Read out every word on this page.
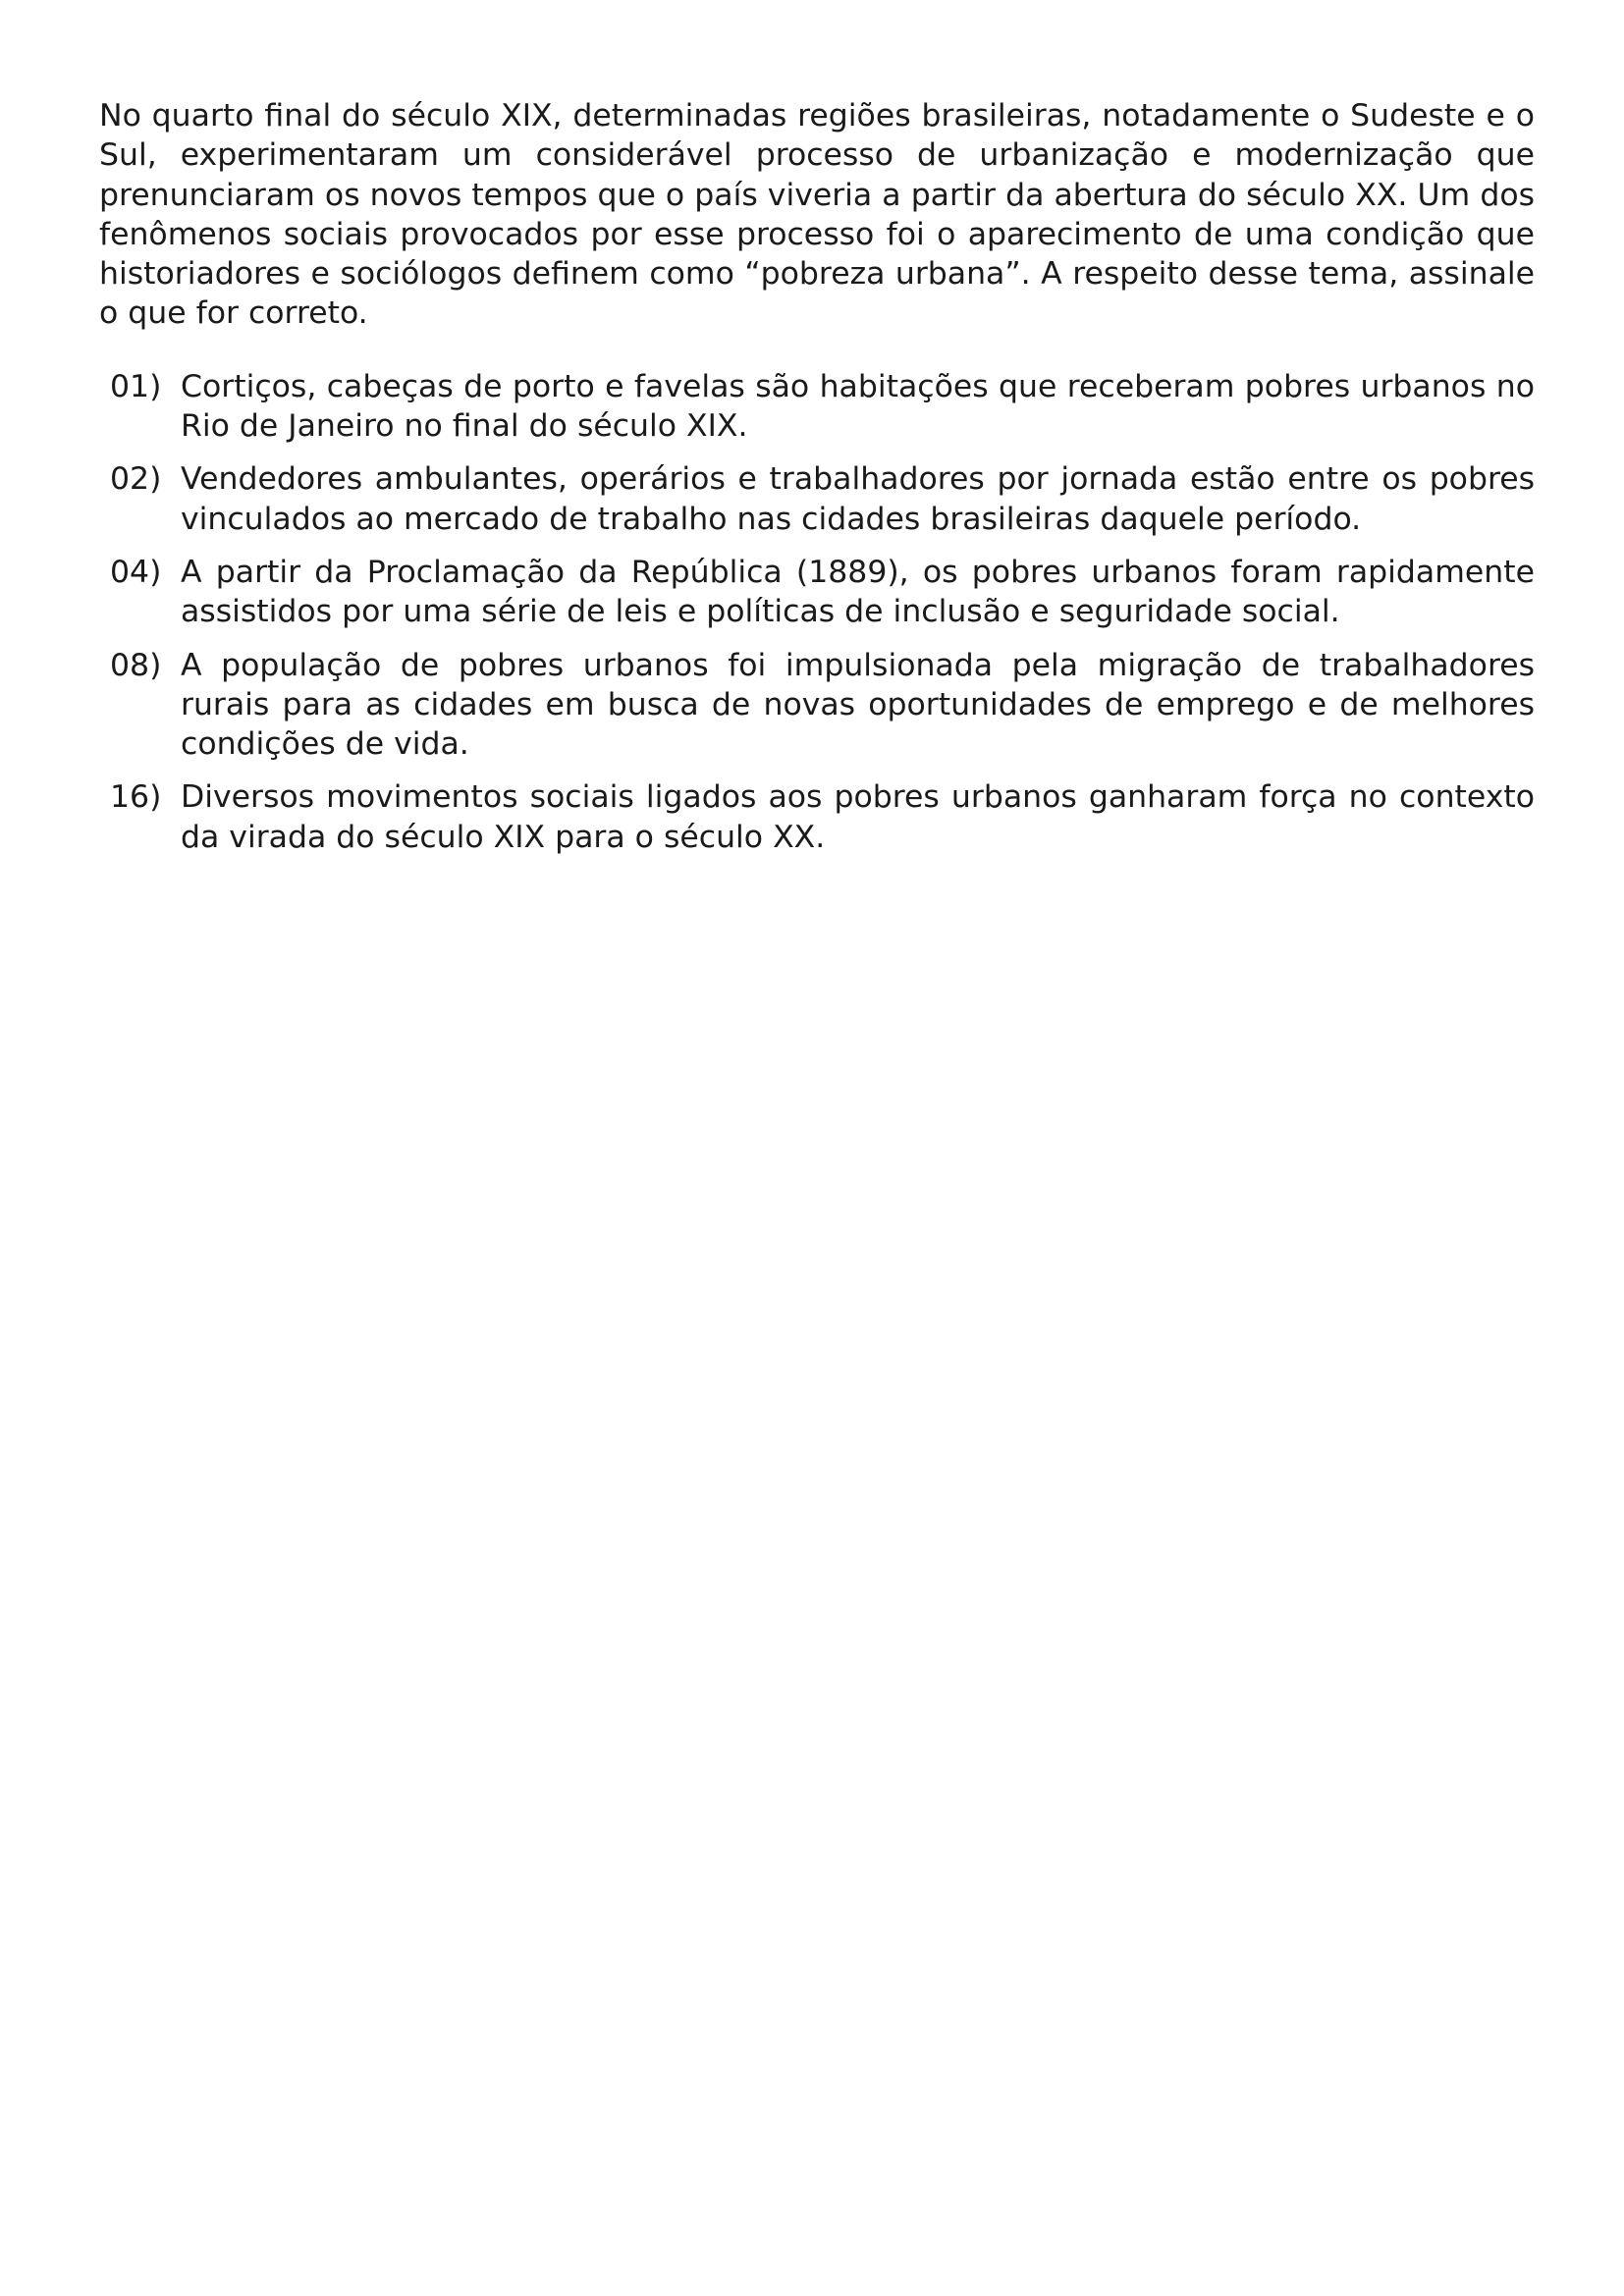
No quarto final do século XIX, determinadas regiões brasileiras, notadamente o Sudeste e o Sul, experimentaram um considerável processo de urbanização e modernização que prenunciaram os novos tempos que o país viveria a partir da abertura do século XX. Um dos fenômenos sociais provocados por esse processo foi o aparecimento de uma condição que historiadores e sociólogos definem como “pobreza urbana”. A respeito desse tema, assinale o que for correto.

01) Cortiços, cabeças de porto e favelas são habitações que receberam pobres urbanos no Rio de Janeiro no final do século XIX.
02) Vendedores ambulantes, operários e trabalhadores por jornada estão entre os pobres vinculados ao mercado de trabalho nas cidades brasileiras daquele período.
04) A partir da Proclamação da República (1889), os pobres urbanos foram rapidamente assistidos por uma série de leis e políticas de inclusão e seguridade social.
08) A população de pobres urbanos foi impulsionada pela migração de trabalhadores rurais para as cidades em busca de novas oportunidades de emprego e de melhores condições de vida.
16) Diversos movimentos sociais ligados aos pobres urbanos ganharam força no contexto da virada do século XIX para o século XX.
